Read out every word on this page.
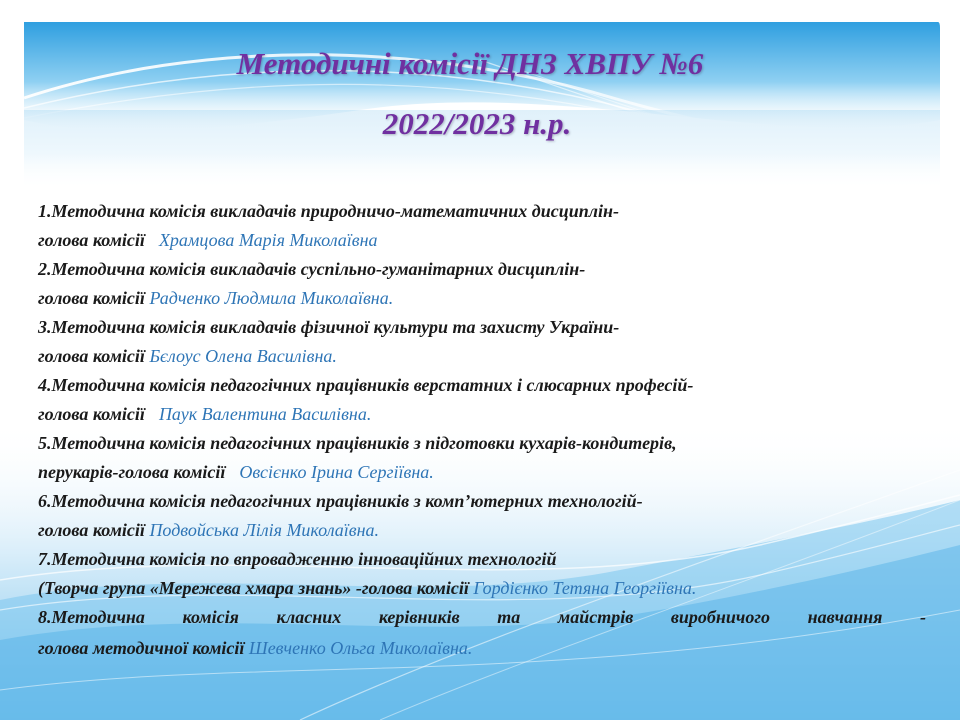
Методичні комісії ДНЗ ХВПУ №6
2022/2023 н.р.
1.Методична комісія викладачів природничо-математичних дисциплін-
голова комісії Храмцова Марія Миколаївна
2.Методична комісія викладачів суспільно-гуманітарних дисциплін-
голова комісії Радченко Людмила Миколаївна.
3.Методична комісія викладачів фізичної культури та захисту України-
голова комісії Бєлоус Олена Василівна.
4.Методична комісія педагогічних працівників верстатних і слюсарних професій-
голова комісії Паук Валентина Василівна.
5.Методична комісія педагогічних працівників з підготовки кухарів-кондитерів,
перукарів-голова комісії Овсієнко Ірина Сергіївна.
6.Методична комісія педагогічних працівників з комп’ютерних технологій-
голова комісії Подвойська Лілія Миколаївна.
7.Методична комісія по впровадженню інноваційних технологій
(Творча група «Мережева хмара знань» -голова комісії Гордієнко Тетяна Георгіївна.
8.Методична комісія класних керівників та майстрів виробничого навчання -
голова методичної комісії Шевченко Ольга Миколаївна.
